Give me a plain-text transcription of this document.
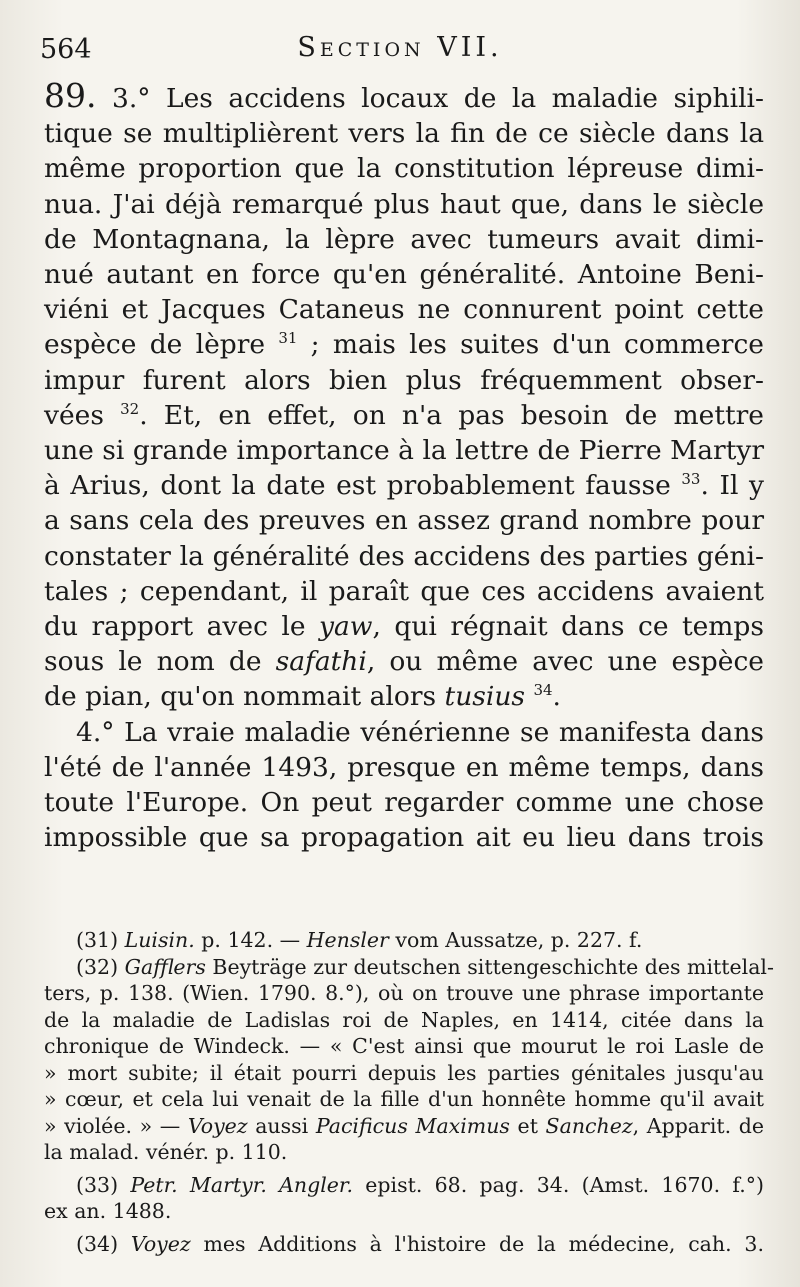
564	Section VII.
89. 3.° Les accidens locaux de la maladie siphili-
tique se multiplièrent vers la fin de ce siècle dans la
même proportion que la constitution lépreuse dimi-
nua. J'ai déjà remarqué plus haut que, dans le siècle
de Montagnana, la lèpre avec tumeurs avait dimi-
nué autant en force qu'en généralité. Antoine Beni-
viéni et Jacques Cataneus ne connurent point cette
espèce de lèpre $^{31}$ ; mais les suites d'un commerce
impur furent alors bien plus fréquemment obser-
vées $^{32}$. Et, en effet, on n'a pas besoin de mettre
une si grande importance à la lettre de Pierre Martyr
à Arius, dont la date est probablement fausse $^{33}$. Il y
a sans cela des preuves en assez grand nombre pour
constater la généralité des accidens des parties géni-
tales ; cependant, il paraît que ces accidens avaient
du rapport avec le yaw, qui régnait dans ce temps
sous le nom de safathi, ou même avec une espèce
de pian, qu'on nommait alors tusius $^{34}$.
4.° La vraie maladie vénérienne se manifesta dans
l'été de l'année 1493, presque en même temps, dans
toute l'Europe. On peut regarder comme une chose
impossible que sa propagation ait eu lieu dans trois
(31) Luisin. p. 142. — Hensler vom Aussatze, p. 227. f.
(32) Gafflers Beyträge zur deutschen sittengeschichte des mittelal-
ters, p. 138. (Wien. 1790. 8.°), où on trouve une phrase importante
de la maladie de Ladislas roi de Naples, en 1414, citée dans la
chronique de Windeck. — « C'est ainsi que mourut le roi Lasle de
» mort subite; il était pourri depuis les parties génitales jusqu'au
» cœur, et cela lui venait de la fille d'un honnête homme qu'il avait
» violée. » — Voyez aussi Pacificus Maximus et Sanchez, Apparit. de
la malad. vénér. p. 110.
(33) Petr. Martyr. Angler. epist. 68. pag. 34. (Amst. 1670. f.°)
ex an. 1488.
(34) Voyez mes Additions à l'histoire de la médecine, cah. 3.
